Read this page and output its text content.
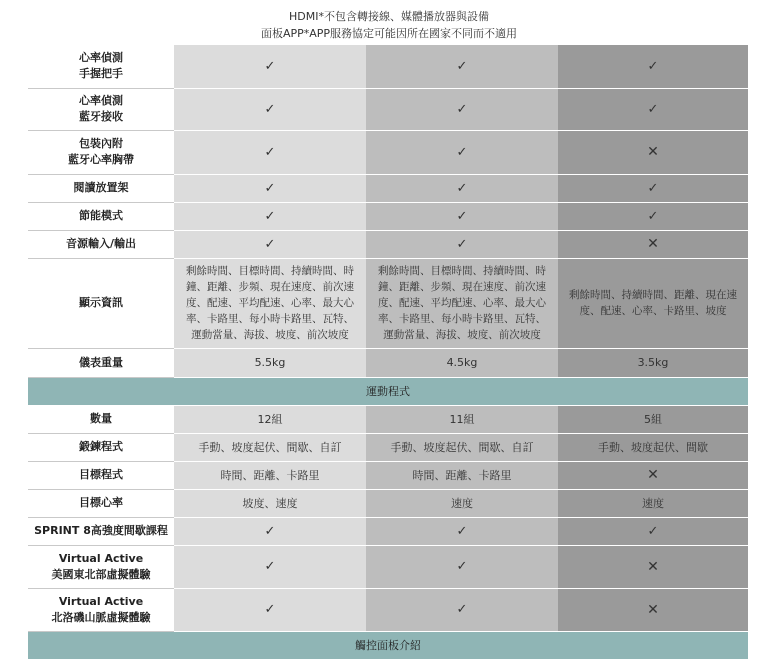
HDMI*不包含轉接線、媒體播放器與設備
面板APP*APP服務協定可能因所在國家不同而不適用
心率偵測
手握把手	✓	✓	✓
心率偵測
藍牙接收	✓	✓	✓
包裝內附
藍牙心率胸帶	✓	✓	✕
閱讀放置架	✓	✓	✓
節能模式	✓	✓	✓
音源輸入/輸出	✓	✓	✕
顯示資訊	剩餘時間、目標時間、持續時間、時鐘、距離、步頻、現在速度、前次速度、配速、平均配速、心率、最大心率、卡路里、每小時卡路里、瓦特、運動當量、海拔、坡度、前次坡度	剩餘時間、目標時間、持續時間、時鐘、距離、步頻、現在速度、前次速度、配速、平均配速、心率、最大心率、卡路里、每小時卡路里、瓦特、運動當量、海拔、坡度、前次坡度	剩餘時間、持續時間、距離、現在速度、配速、心率、卡路里、坡度

儀表重量	5.5kg	4.5kg	3.5kg
運動程式			
數量	12組	11組	5組
鍛鍊程式	手動、坡度起伏、間歇、自訂	手動、坡度起伏、間歇、自訂	手動、坡度起伏、間歇
目標程式	時間、距離、卡路里	時間、距離、卡路里	✕
目標心率	坡度、速度	速度	速度
SPRINT 8高強度間歇課程	✓	✓	✓
Virtual Active
美國東北部虛擬體驗	✓	✓	✕
Virtual Active
北洛磯山脈虛擬體驗	✓	✓	✕
觸控面板介紹			
